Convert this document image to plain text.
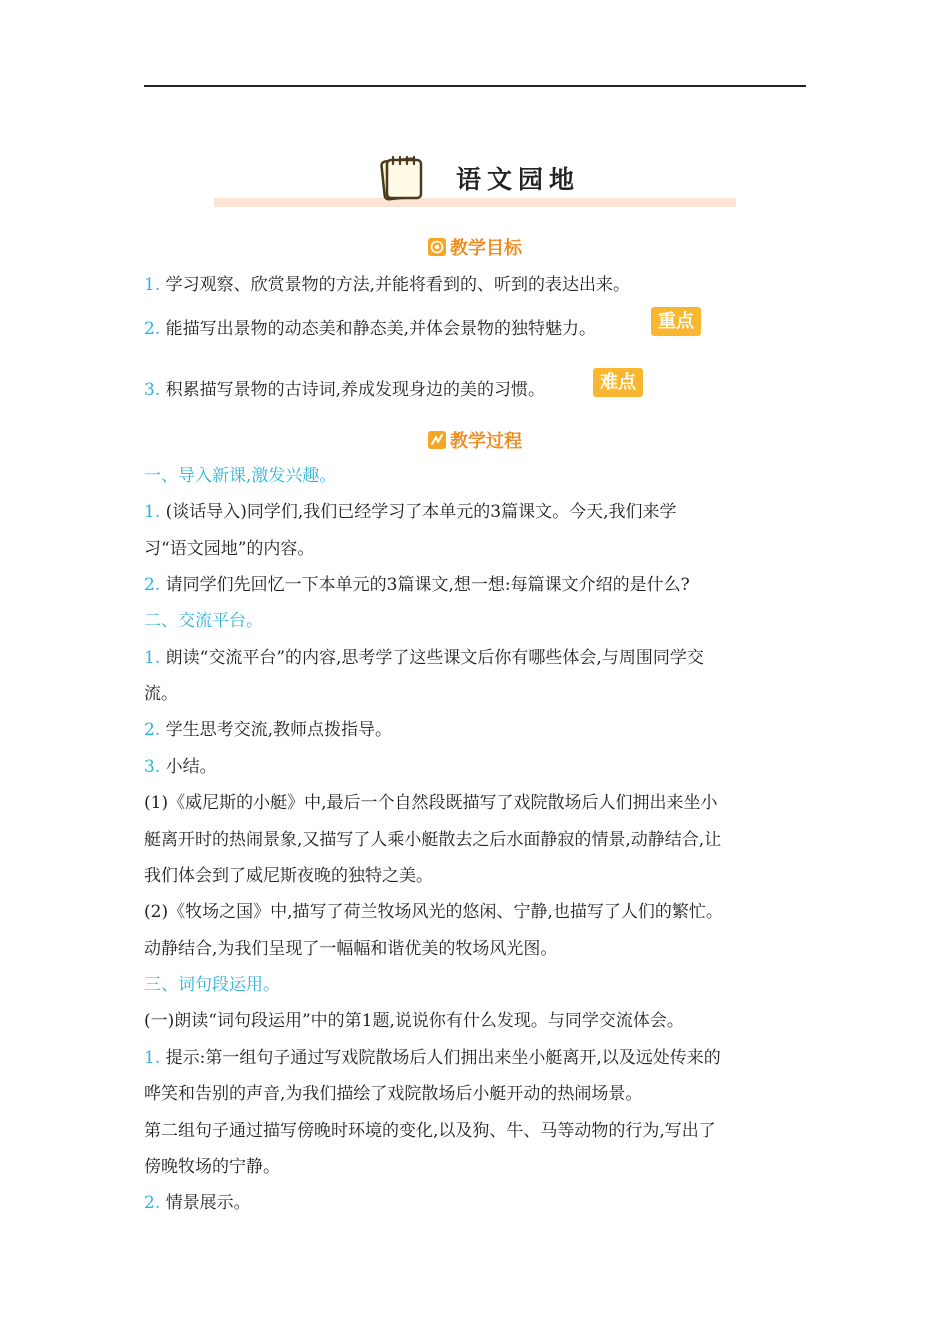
语文园地
教学目标
1. 学习观察、欣赏景物的方法,并能将看到的、听到的表达出来。
2. 能描写出景物的动态美和静态美,并体会景物的独特魅力。	重点
3. 积累描写景物的古诗词,养成发现身边的美的习惯。	难点
教学过程
一、导入新课,激发兴趣。
1. (谈话导入)同学们,我们已经学习了本单元的3篇课文。今天,我们来学
习“语文园地”的内容。
2. 请同学们先回忆一下本单元的3篇课文,想一想:每篇课文介绍的是什么?
二、交流平台。
1. 朗读“交流平台”的内容,思考学了这些课文后你有哪些体会,与周围同学交
流。
2. 学生思考交流,教师点拨指导。
3. 小结。
(1)《威尼斯的小艇》中,最后一个自然段既描写了戏院散场后人们拥出来坐小
艇离开时的热闹景象,又描写了人乘小艇散去之后水面静寂的情景,动静结合,让
我们体会到了威尼斯夜晚的独特之美。
(2)《牧场之国》中,描写了荷兰牧场风光的悠闲、宁静,也描写了人们的繁忙。
动静结合,为我们呈现了一幅幅和谐优美的牧场风光图。
三、词句段运用。
(一)朗读“词句段运用”中的第1题,说说你有什么发现。与同学交流体会。
1. 提示:第一组句子通过写戏院散场后人们拥出来坐小艇离开,以及远处传来的
哗笑和告别的声音,为我们描绘了戏院散场后小艇开动的热闹场景。
第二组句子通过描写傍晚时环境的变化,以及狗、牛、马等动物的行为,写出了
傍晚牧场的宁静。
2. 情景展示。
